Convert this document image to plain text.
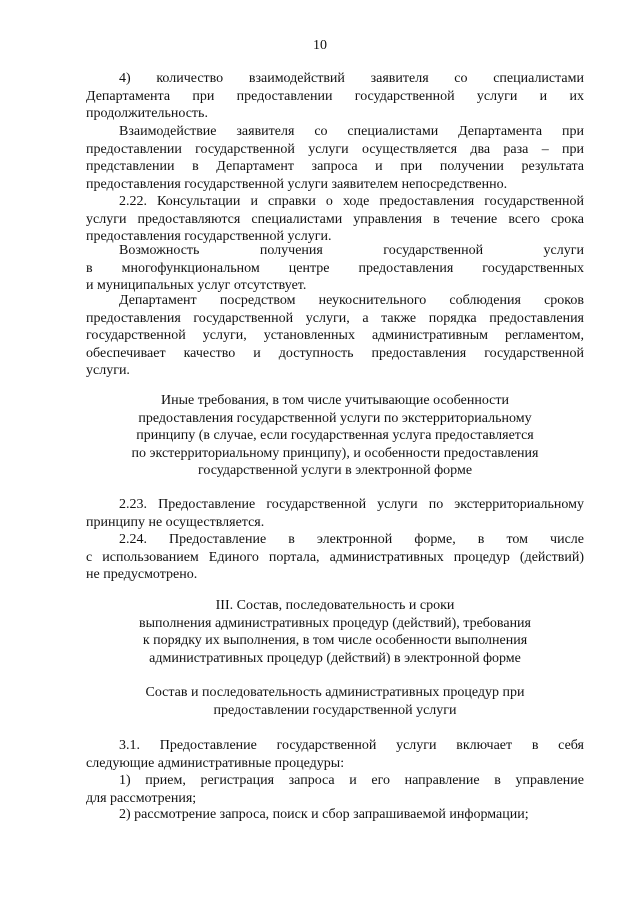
10
4) количество взаимодействий заявителя со специалистами
Департамента при предоставлении государственной услуги и их
продолжительность.
Взаимодействие заявителя со специалистами Департамента при
предоставлении государственной услуги осуществляется два раза – при
представлении в Департамент запроса и при получении результата
предоставления государственной услуги заявителем непосредственно.
2.22. Консультации и справки о ходе предоставления государственной
услуги предоставляются специалистами управления в течение всего срока
предоставления государственной услуги.
Возможность получения государственной услуги
в многофункциональном центре предоставления государственных
и муниципальных услуг отсутствует.
Департамент посредством неукоснительного соблюдения сроков
предоставления государственной услуги, а также порядка предоставления
государственной услуги, установленных административным регламентом,
обеспечивает качество и доступность предоставления государственной
услуги.
Иные требования, в том числе учитывающие особенности
предоставления государственной услуги по экстерриториальному
принципу (в случае, если государственная услуга предоставляется
по экстерриториальному принципу), и особенности предоставления
государственной услуги в электронной форме
2.23. Предоставление государственной услуги по экстерриториальному
принципу не осуществляется.
2.24. Предоставление в электронной форме, в том числе
с использованием Единого портала, административных процедур (действий)
не предусмотрено.
III. Состав, последовательность и сроки
выполнения административных процедур (действий), требования
к порядку их выполнения, в том числе особенности выполнения
административных процедур (действий) в электронной форме
Состав и последовательность административных процедур при
предоставлении государственной услуги
3.1. Предоставление государственной услуги включает в себя
следующие административные процедуры:
1) прием, регистрация запроса и его направление в управление
для рассмотрения;
2) рассмотрение запроса, поиск и сбор запрашиваемой информации;
